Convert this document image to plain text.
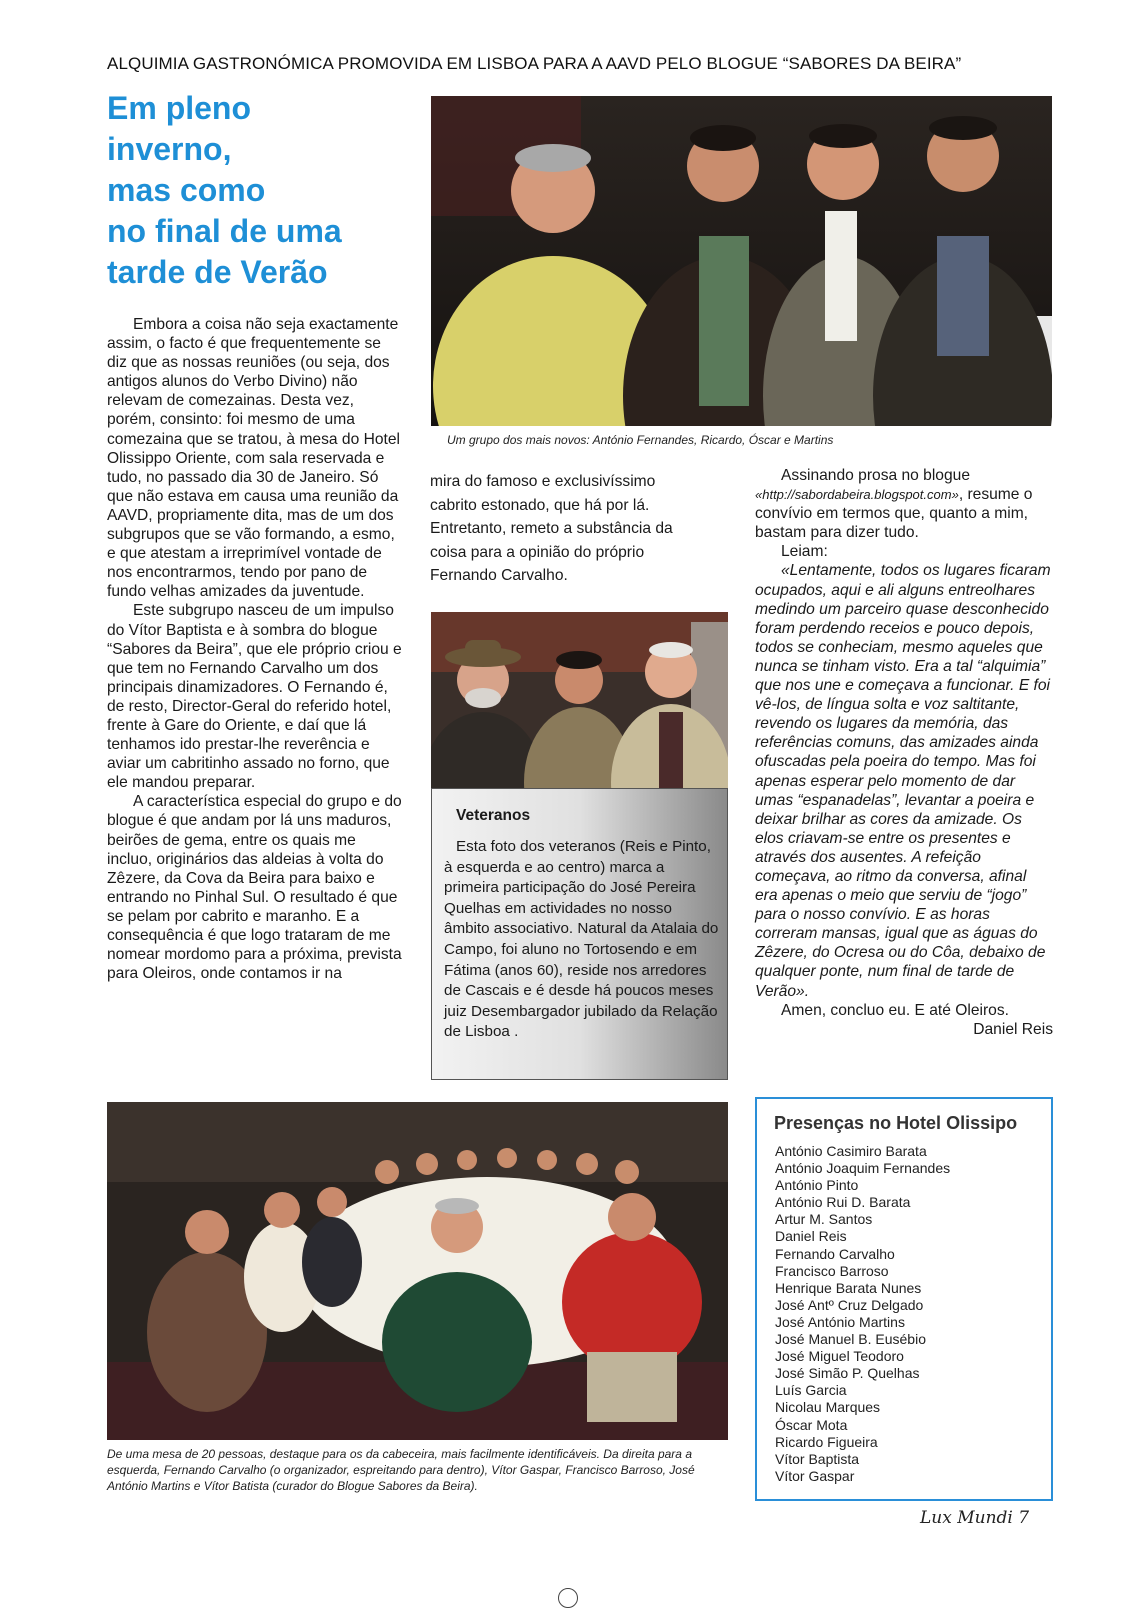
ALQUIMIA GASTRONÓMICA PROMOVIDA EM LISBOA PARA A AAVD PELO BLOGUE “SABORES DA BEIRA”
Em pleno
inverno,
mas como
no final de uma
tarde de Verão

Embora a coisa não seja exactamente assim, o facto é que frequentemente se diz que as nossas reuniões (ou seja, dos antigos alunos do Verbo Divino) não relevam de comezainas. Desta vez, porém, consinto: foi mesmo de uma comezaina que se tratou, à mesa do Hotel Olissippo Oriente, com sala reservada e tudo, no passado dia 30 de Janeiro. Só que não estava em causa uma reunião da AAVD, propriamente dita, mas de um dos subgrupos que se vão formando, a esmo, e que atestam a irreprimível vontade de nos encontrarmos, tendo por pano de fundo velhas amizades da juventude.

Este subgrupo nasceu de um impulso do Vítor Baptista e à sombra do blogue “Sabores da Beira”, que ele próprio criou e que tem no Fernando Carvalho um dos principais dinamizadores. O Fernando é, de resto, Director-Geral do referido hotel, frente à Gare do Oriente, e daí que lá tenhamos ido prestar-lhe reverência e aviar um cabritinho assado no forno, que ele mandou preparar.

A característica especial do grupo e do blogue é que andam por lá uns maduros, beirões de gema, entre os quais me incluo, originários das aldeias à volta do Zêzere, da Cova da Beira para baixo e entrando no Pinhal Sul. O resultado é que se pelam por cabrito e maranho. E a consequência é que logo trataram de me nomear mordomo para a próxima, prevista para Oleiros, onde contamos ir na

Um grupo dos mais novos: António Fernandes, Ricardo, Óscar e Martins

mira do famoso e exclusivíssimo cabrito estonado, que há por lá. Entretanto, remeto a substância da coisa para a opinião do próprio Fernando Carvalho.

Veteranos
Esta foto dos veteranos (Reis e Pinto, à esquerda e ao centro) marca a primeira participação do José Pereira Quelhas em actividades no nosso âmbito associativo. Natural da Atalaia do Campo, foi aluno no Tortosendo e em Fátima (anos 60), reside nos arredores de Cascais e é desde há poucos meses juiz Desembargador jubilado da Relação de Lisboa .

Assinando prosa no blogue
«http://sabordabeira.blogspot.com», resume o convívio em termos que, quanto a mim, bastam para dizer tudo.

Leiam:

«Lentamente, todos os lugares ficaram ocupados, aqui e ali alguns entreolhares medindo um parceiro quase desconhecido foram perdendo receios e pouco depois, todos se conheciam, mesmo aqueles que nunca se tinham visto. Era a tal “alquimia” que nos une e começava a funcionar. E foi vê-los, de língua solta e voz saltitante, revendo os lugares da memória, das referências comuns, das amizades ainda ofuscadas pela poeira do tempo. Mas foi apenas esperar pelo momento de dar umas “espanadelas”, levantar a poeira e deixar brilhar as cores da amizade. Os elos criavam-se entre os presentes e através dos ausentes. A refeição começava, ao ritmo da conversa, afinal era apenas o meio que serviu de “jogo” para o nosso convívio. E as horas correram mansas, igual que as águas do Zêzere, do Ocresa ou do Côa, debaixo de qualquer ponte, num final de tarde de Verão».

Amen, concluo eu. E até Oleiros.

Daniel Reis

De uma mesa de 20 pessoas, destaque para os da cabeceira, mais facilmente identificáveis. Da direita para a esquerda, Fernando Carvalho (o organizador, espreitando para dentro), Vítor Gaspar, Francisco Barroso, José António Martins e Vítor Batista (curador do Blogue Sabores da Beira).
Presenças no Hotel Olissipo
António Casimiro Barata
António Joaquim Fernandes
António Pinto
António Rui D. Barata
Artur M. Santos
Daniel Reis
Fernando Carvalho
Francisco Barroso
Henrique Barata Nunes
José Antº Cruz Delgado
José António Martins
José Manuel B. Eusébio
José Miguel Teodoro
José Simão P. Quelhas
Luís Garcia
Nicolau Marques
Óscar Mota
Ricardo Figueira
Vítor Baptista
Vítor Gaspar
Lux Mundi 7
